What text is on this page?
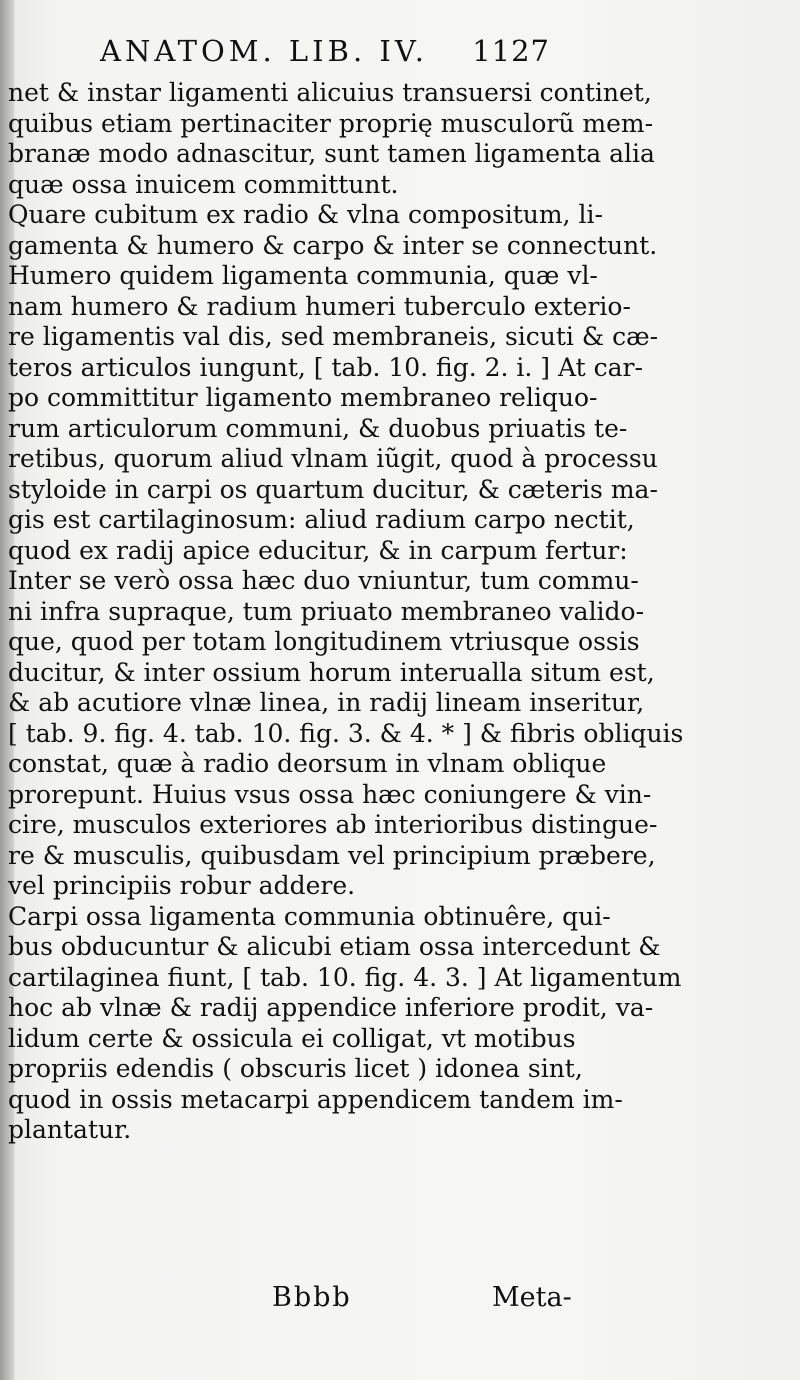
ANATOM. LIB. IV. 1127
net & instar ligamenti alicuius transuersi continet,
quibus etiam pertinaciter proprię musculorũ mem-
branæ modo adnascitur, sunt tamen ligamenta alia
quæ ossa inuicem committunt.
Quare cubitum ex radio & vlna compositum, li-
gamenta & humero & carpo & inter se connectunt.
Humero quidem ligamenta communia, quæ vl-
nam humero & radium humeri tuberculo exterio-
re ligamentis val dis, sed membraneis, sicuti & cæ-
teros articulos iungunt, [ tab. 10. fig. 2. i. ] At car-
po committitur ligamento membraneo reliquo-
rum articulorum communi, & duobus priuatis te-
retibus, quorum aliud vlnam iũgit, quod à processu
styloide in carpi os quartum ducitur, & cæteris ma-
gis est cartilaginosum: aliud radium carpo nectit,
quod ex radij apice educitur, & in carpum fertur:
Inter se verò ossa hæc duo vniuntur, tum commu-
ni infra supraque, tum priuato membraneo valido-
que, quod per totam longitudinem vtriusque ossis
ducitur, & inter ossium horum interualla situm est,
& ab acutiore vlnæ linea, in radij lineam inseritur,
[ tab. 9. fig. 4. tab. 10. fig. 3. & 4. * ] & fibris obliquis
constat, quæ à radio deorsum in vlnam oblique
prorepunt. Huius vsus ossa hæc coniungere & vin-
cire, musculos exteriores ab interioribus distingue-
re & musculis, quibusdam vel principium præbere,
vel principiis robur addere.
Carpi ossa ligamenta communia obtinuêre, qui-
bus obducuntur & alicubi etiam ossa intercedunt &
cartilaginea fiunt, [ tab. 10. fig. 4. 3. ] At ligamentum
hoc ab vlnæ & radij appendice inferiore prodit, va-
lidum certe & ossicula ei colligat, vt motibus
propriis edendis ( obscuris licet ) idonea sint,
quod in ossis metacarpi appendicem tandem im-
plantatur.
Bbbb	Meta-
